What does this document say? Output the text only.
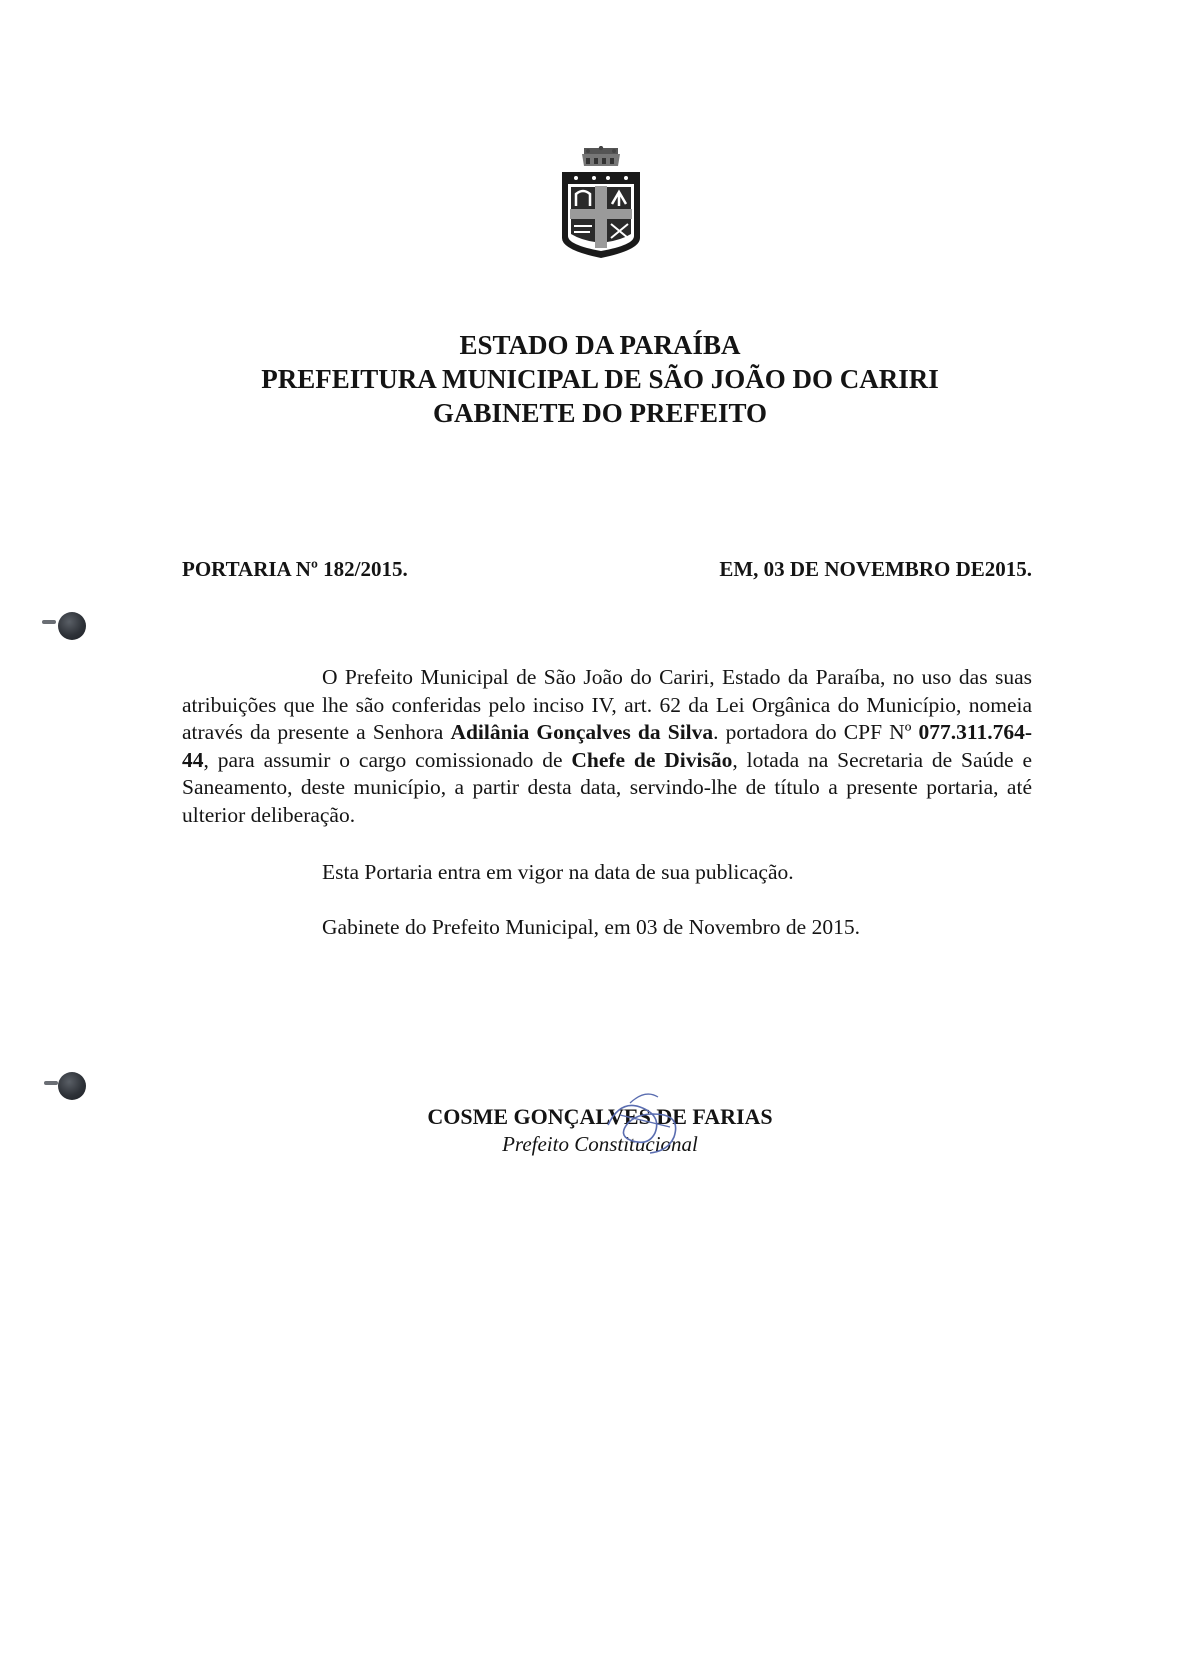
ESTADO DA PARAÍBA
PREFEITURA MUNICIPAL DE SÃO JOÃO DO CARIRI
GABINETE DO PREFEITO
PORTARIA Nº 182/2015.	EM, 03 DE NOVEMBRO DE2015.

O Prefeito Municipal de São João do Cariri, Estado da Paraíba, no uso das suas atribuições que lhe são conferidas pelo inciso IV, art. 62 da Lei Orgânica do Município, nomeia através da presente a Senhora Adilânia Gonçalves da Silva. portadora do CPF Nº 077.311.764-44, para assumir o cargo comissionado de Chefe de Divisão, lotada na Secretaria de Saúde e Saneamento, deste município, a partir desta data, servindo-lhe de título a presente portaria, até ulterior deliberação.

Esta Portaria entra em vigor na data de sua publicação.
Gabinete do Prefeito Municipal, em 03 de Novembro de 2015.
COSME GONÇALVES DE FARIAS
Prefeito Constitucional
